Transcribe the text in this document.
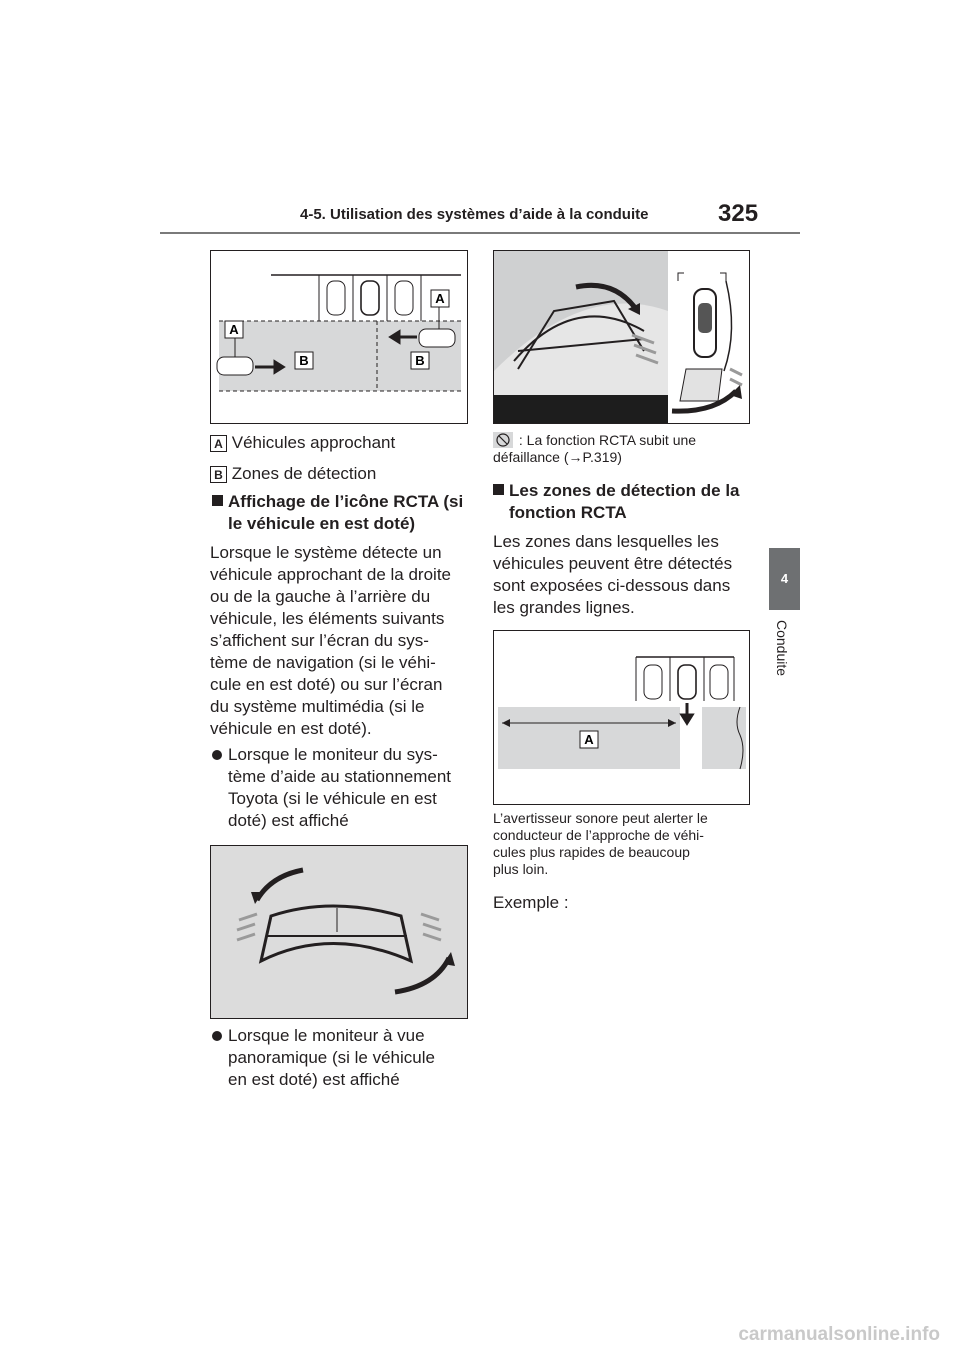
4-5. Utilisation des systèmes d’aide à la conduite	325
4
Conduite
A
A
B	B
A Véhicules approchant
B Zones de détection
Affichage de l’icône RCTA (si le véhicule en est doté)
Lorsque le système détecte un
véhicule approchant de la droite
ou de la gauche à l’arrière du
véhicule, les éléments suivants
s’affichent sur l’écran du sys-
tème de navigation (si le véhi-
cule en est doté) ou sur l’écran
du système multimédia (si le
véhicule en est doté).
Lorsque le moniteur du sys-
tème d’aide au stationnement
Toyota (si le véhicule en est
doté) est affiché
Lorsque le moniteur à vue
panoramique (si le véhicule
en est doté) est affiché
: La fonction RCTA subit une
défaillance (→P.319)
Les zones de détection de la fonction RCTA
Les zones dans lesquelles les
véhicules peuvent être détectés
sont exposées ci-dessous dans
les grandes lignes.
A
L’avertisseur sonore peut alerter le
conducteur de l’approche de véhi-
cules plus rapides de beaucoup
plus loin.
Exemple :
carmanualsonline.info
